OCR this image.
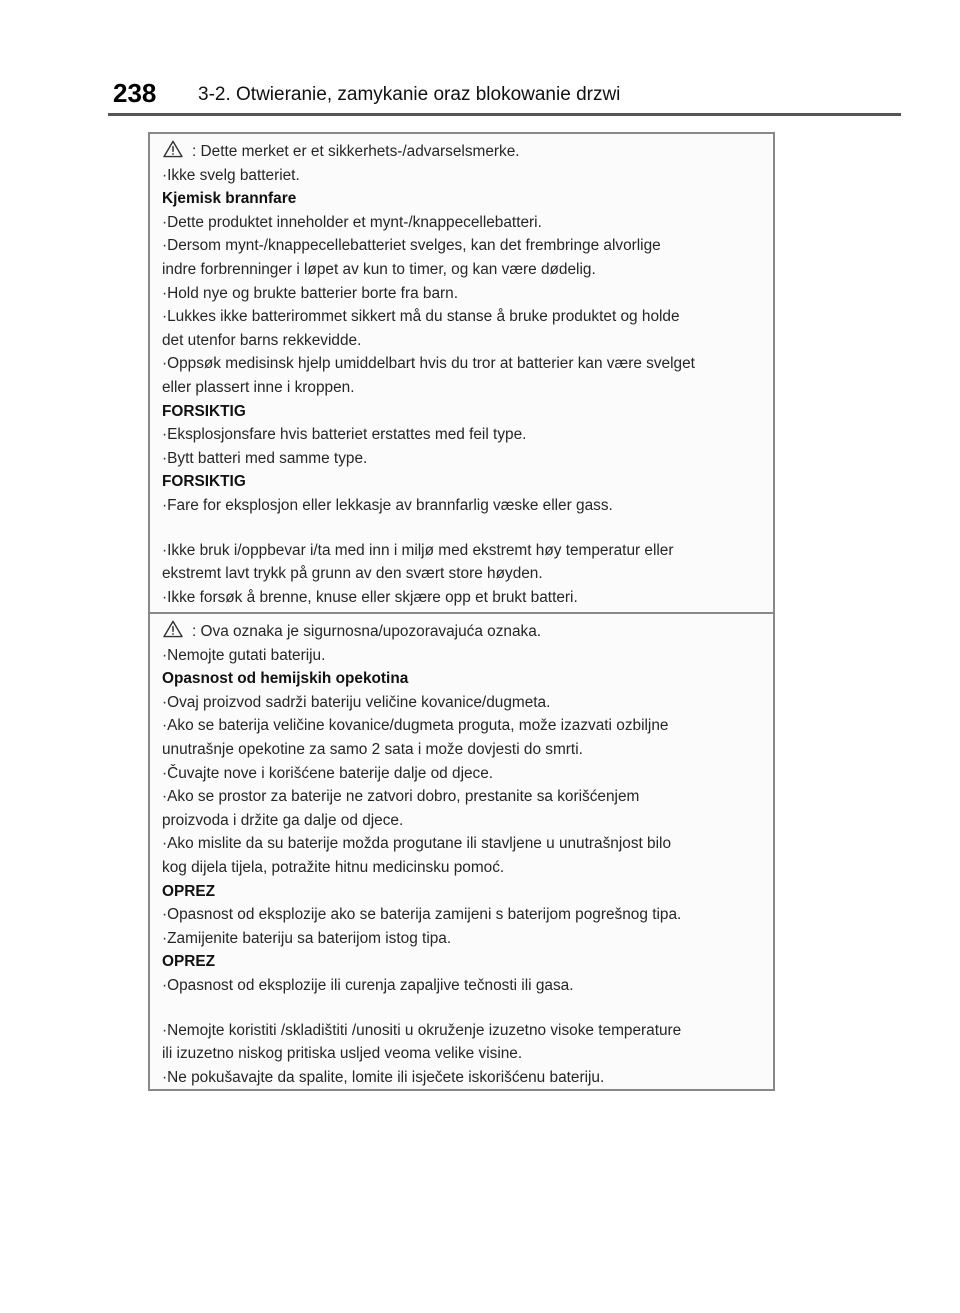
238 3-2. Otwieranie, zamykanie oraz blokowanie drzwi
: Dette merket er et sikkerhets-/advarselsmerke.
·Ikke svelg batteriet.
Kjemisk brannfare
·Dette produktet inneholder et mynt-/knappecellebatteri.
·Dersom mynt-/knappecellebatteriet svelges, kan det frembringe alvorlige
indre forbrenninger i løpet av kun to timer, og kan være dødelig.
·Hold nye og brukte batterier borte fra barn.
·Lukkes ikke batterirommet sikkert må du stanse å bruke produktet og holde
det utenfor barns rekkevidde.
·Oppsøk medisinsk hjelp umiddelbart hvis du tror at batterier kan være svelget
eller plassert inne i kroppen.
FORSIKTIG
·Eksplosjonsfare hvis batteriet erstattes med feil type.
·Bytt batteri med samme type.
FORSIKTIG
·Fare for eksplosjon eller lekkasje av brannfarlig væske eller gass.
·Ikke bruk i/oppbevar i/ta med inn i miljø med ekstremt høy temperatur eller
ekstremt lavt trykk på grunn av den svært store høyden.
·Ikke forsøk å brenne, knuse eller skjære opp et brukt batteri.
: Ova oznaka je sigurnosna/upozoravajuća oznaka.
·Nemojte gutati bateriju.
Opasnost od hemijskih opekotina
·Ovaj proizvod sadrži bateriju veličine kovanice/dugmeta.
·Ako se baterija veličine kovanice/dugmeta proguta, može izazvati ozbiljne
unutrašnje opekotine za samo 2 sata i može dovjesti do smrti.
·Čuvajte nove i korišćene baterije dalje od djece.
·Ako se prostor za baterije ne zatvori dobro, prestanite sa korišćenjem
proizvoda i držite ga dalje od djece.
·Ako mislite da su baterije možda progutane ili stavljene u unutrašnjost bilo
kog dijela tijela, potražite hitnu medicinsku pomoć.
OPREZ
·Opasnost od eksplozije ako se baterija zamijeni s baterijom pogrešnog tipa.
·Zamijenite bateriju sa baterijom istog tipa.
OPREZ
·Opasnost od eksplozije ili curenja zapaljive tečnosti ili gasa.
·Nemojte koristiti /skladištiti /unositi u okruženje izuzetno visoke temperature
ili izuzetno niskog pritiska usljed veoma velike visine.
·Ne pokušavajte da spalite, lomite ili isječete iskorišćenu bateriju.
